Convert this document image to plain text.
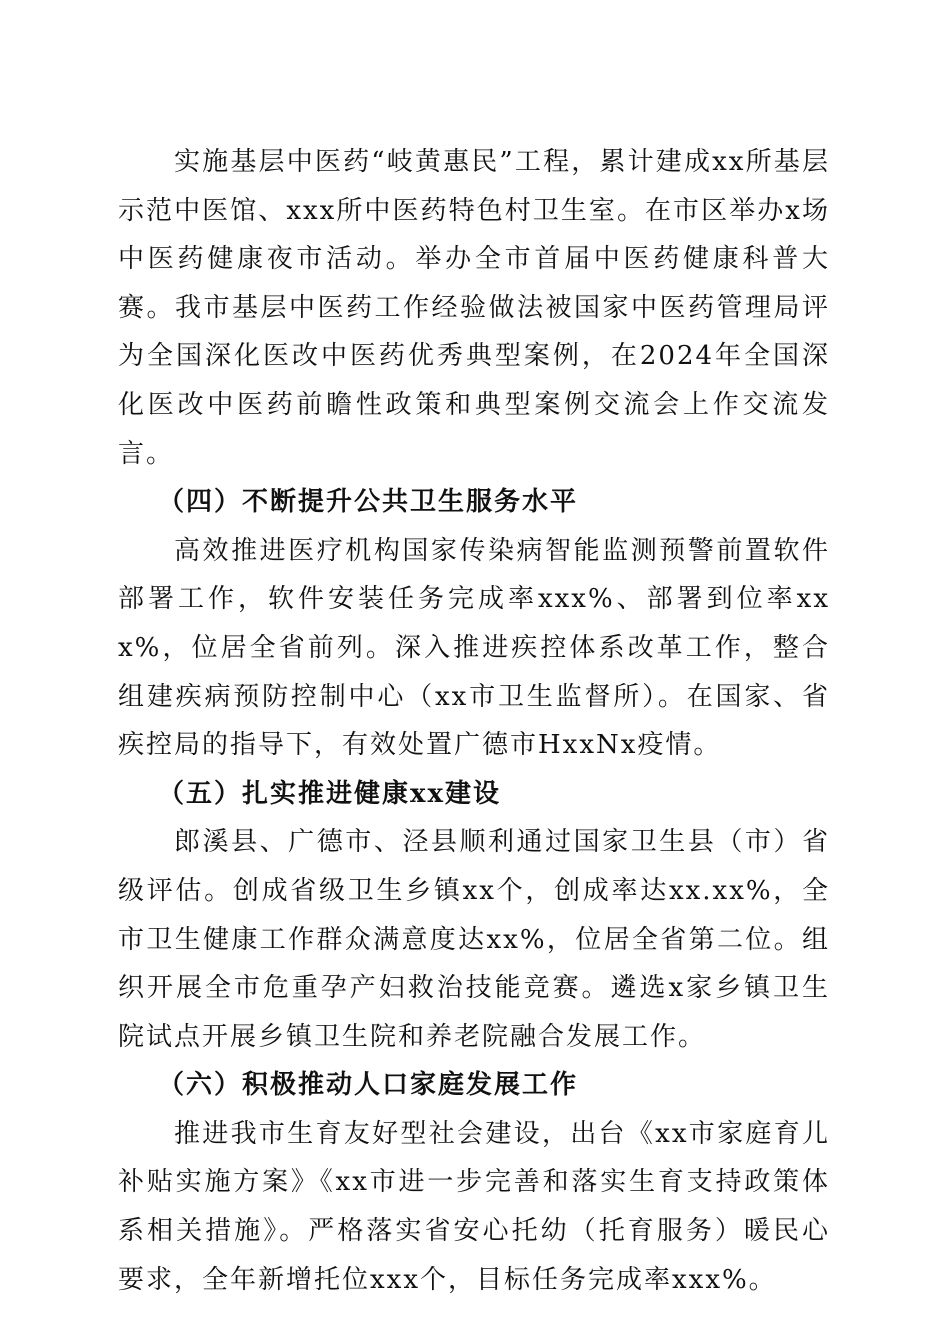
实施基层中医药“岐黄惠民”工程，累计建成xx所基层示范中医馆、xxx所中医药特色村卫生室。在市区举办x场中医药健康夜市活动。举办全市首届中医药健康科普大赛。我市基层中医药工作经验做法被国家中医药管理局评为全国深化医改中医药优秀典型案例，在2024年全国深化医改中医药前瞻性政策和典型案例交流会上作交流发言。

（四）不断提升公共卫生服务水平

高效推进医疗机构国家传染病智能监测预警前置软件部署工作，软件安装任务完成率xxx%、部署到位率xxx%，位居全省前列。深入推进疾控体系改革工作，整合组建疾病预防控制中心（xx市卫生监督所）。在国家、省疾控局的指导下，有效处置广德市HxxNx疫情。

（五）扎实推进健康xx建设

郎溪县、广德市、泾县顺利通过国家卫生县（市）省级评估。创成省级卫生乡镇xx个，创成率达xx.xx%，全市卫生健康工作群众满意度达xx%，位居全省第二位。组织开展全市危重孕产妇救治技能竞赛。遴选x家乡镇卫生院试点开展乡镇卫生院和养老院融合发展工作。

（六）积极推动人口家庭发展工作

推进我市生育友好型社会建设，出台《xx市家庭育儿补贴实施方案》《xx市进一步完善和落实生育支持政策体系相关措施》。严格落实省安心托幼（托育服务）暖民心要求，全年新增托位xxx个，目标任务完成率xxx%。
